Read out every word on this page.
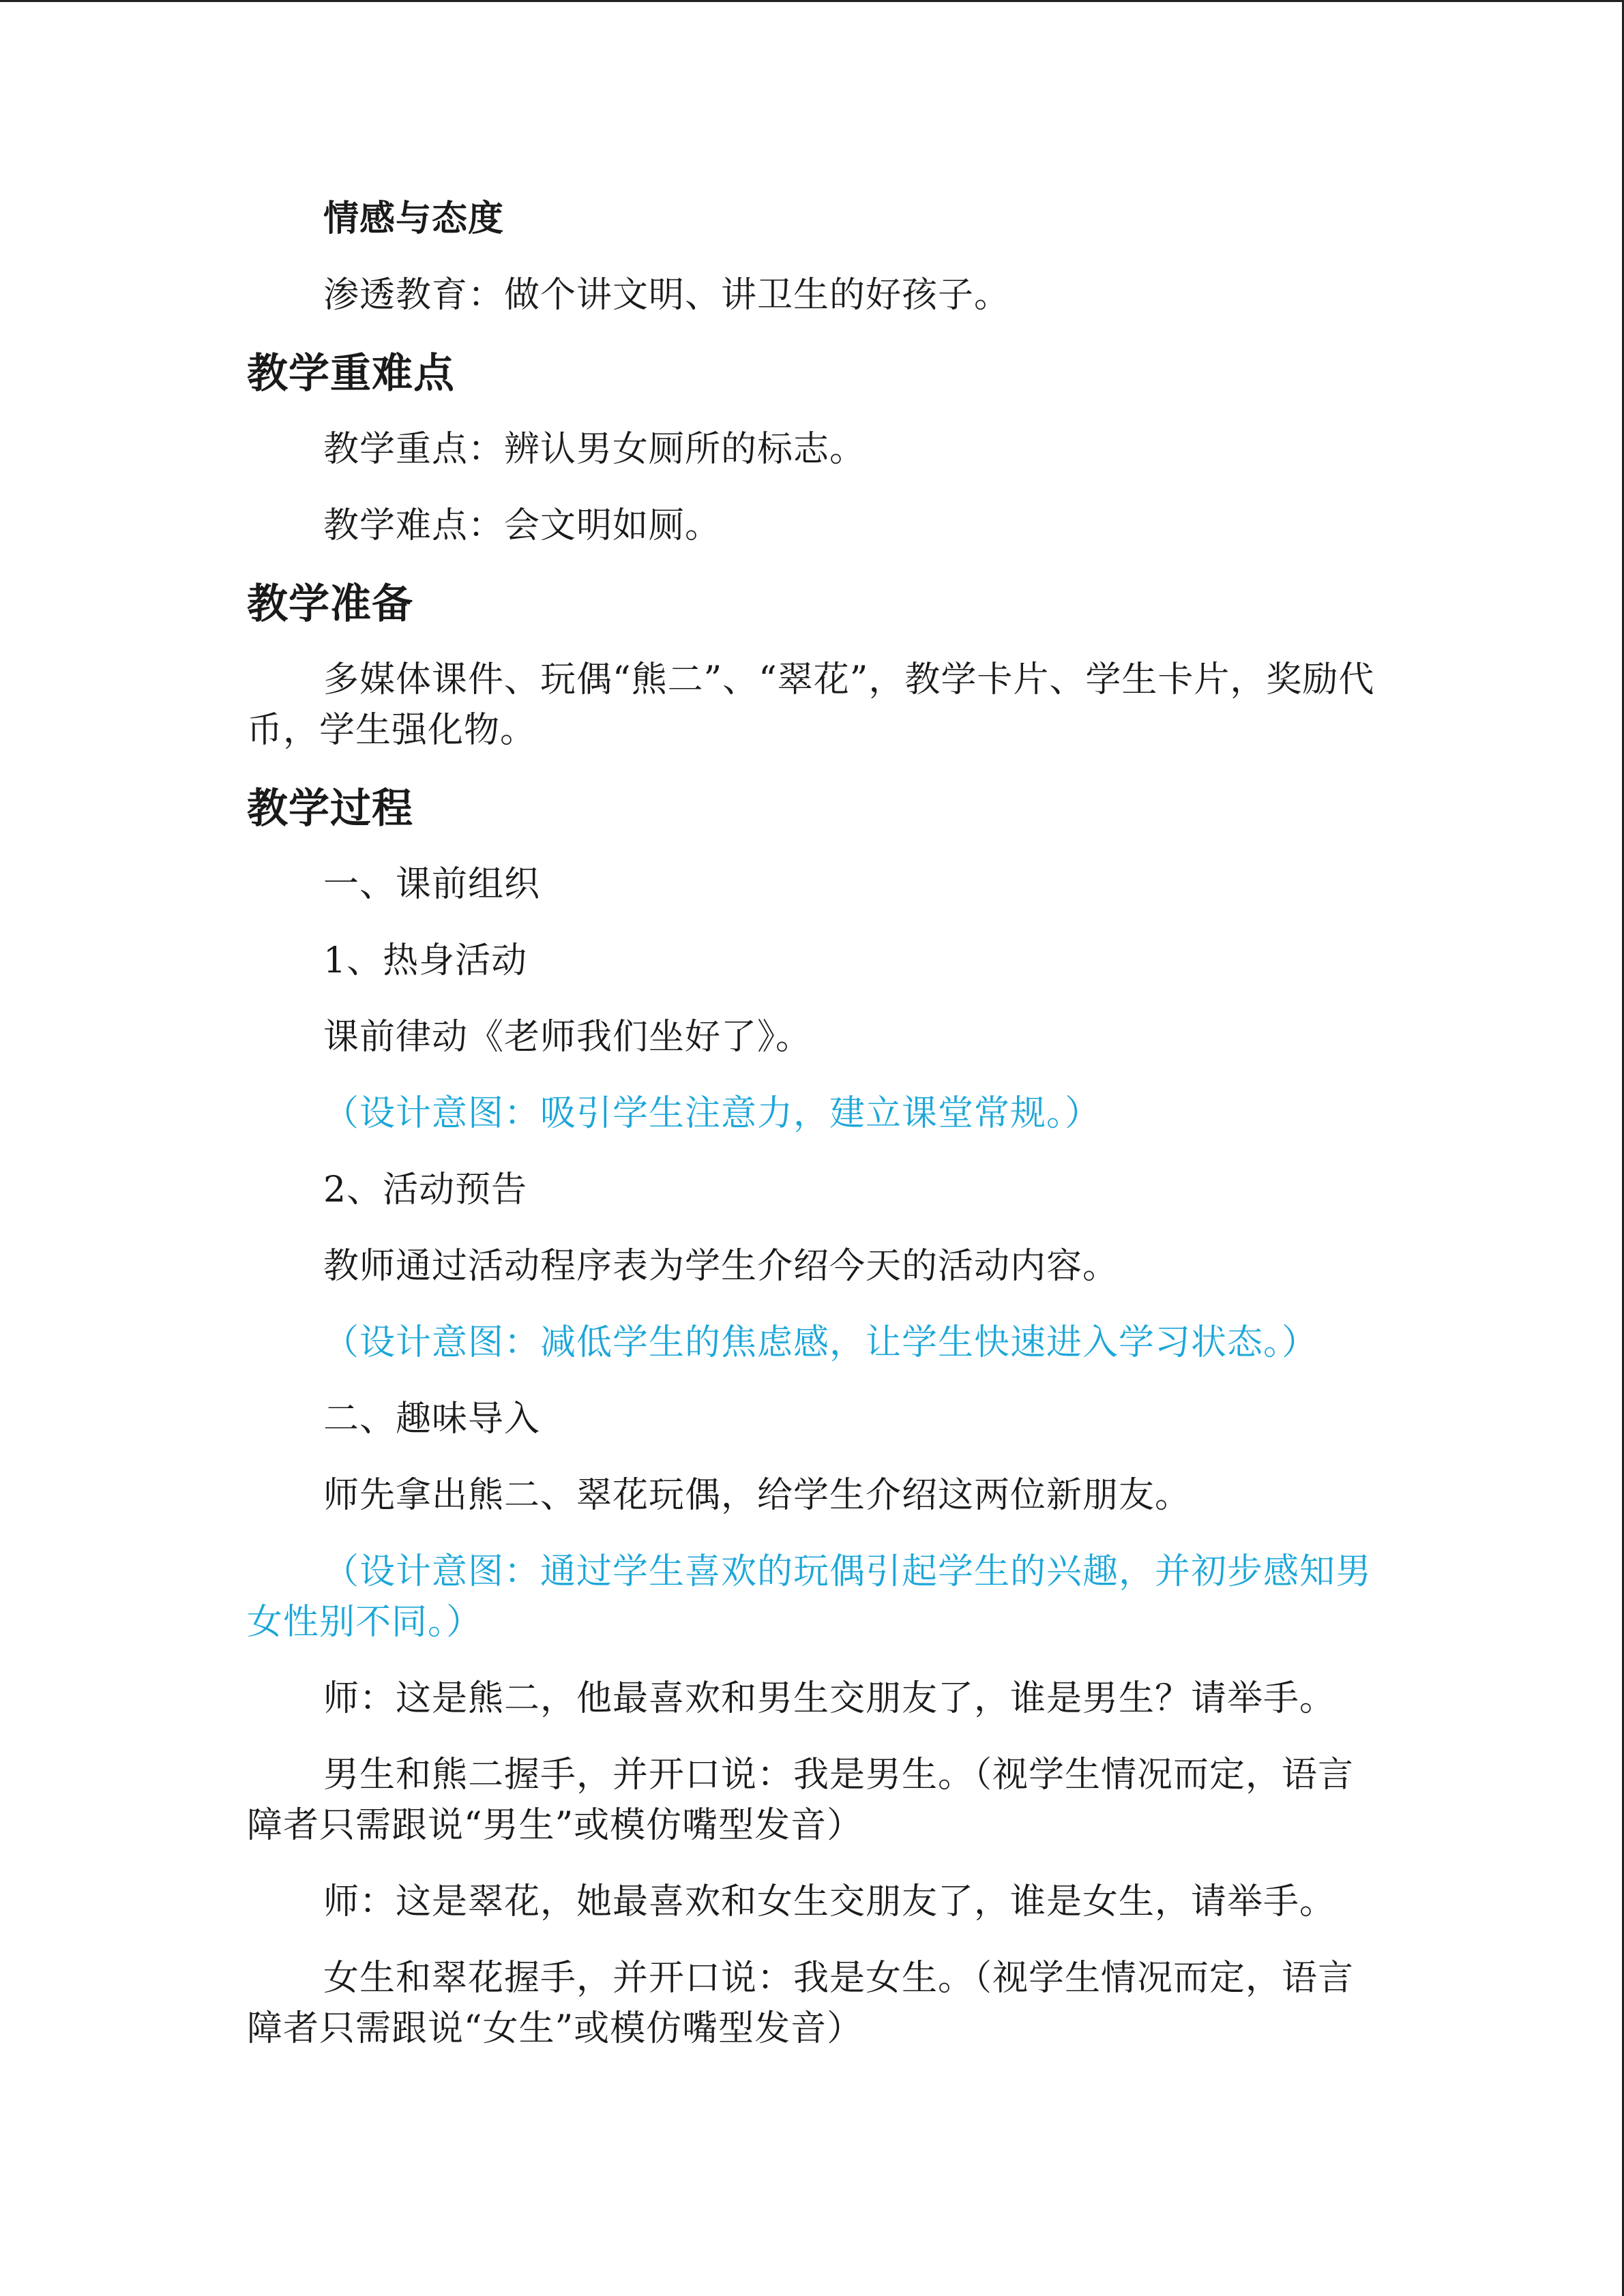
情感与态度
渗透教育：做个讲文明、讲卫生的好孩子。
教学重难点
教学重点：辨认男女厕所的标志。
教学难点：会文明如厕。
教学准备
多媒体课件、玩偶“熊二”、“翠花”，教学卡片、学生卡片，奖励代币，学生强化物。
教学过程
一、课前组织
1、热身活动
课前律动《老师我们坐好了》。
（设计意图：吸引学生注意力，建立课堂常规。）
2、活动预告
教师通过活动程序表为学生介绍今天的活动内容。
（设计意图：减低学生的焦虑感，让学生快速进入学习状态。）
二、趣味导入
师先拿出熊二、翠花玩偶，给学生介绍这两位新朋友。
（设计意图：通过学生喜欢的玩偶引起学生的兴趣，并初步感知男女性别不同。）
师：这是熊二，他最喜欢和男生交朋友了，谁是男生？请举手。
男生和熊二握手，并开口说：我是男生。（视学生情况而定，语言障者只需跟说“男生”或模仿嘴型发音）
师：这是翠花，她最喜欢和女生交朋友了，谁是女生，请举手。
女生和翠花握手，并开口说：我是女生。（视学生情况而定，语言障者只需跟说“女生”或模仿嘴型发音）
